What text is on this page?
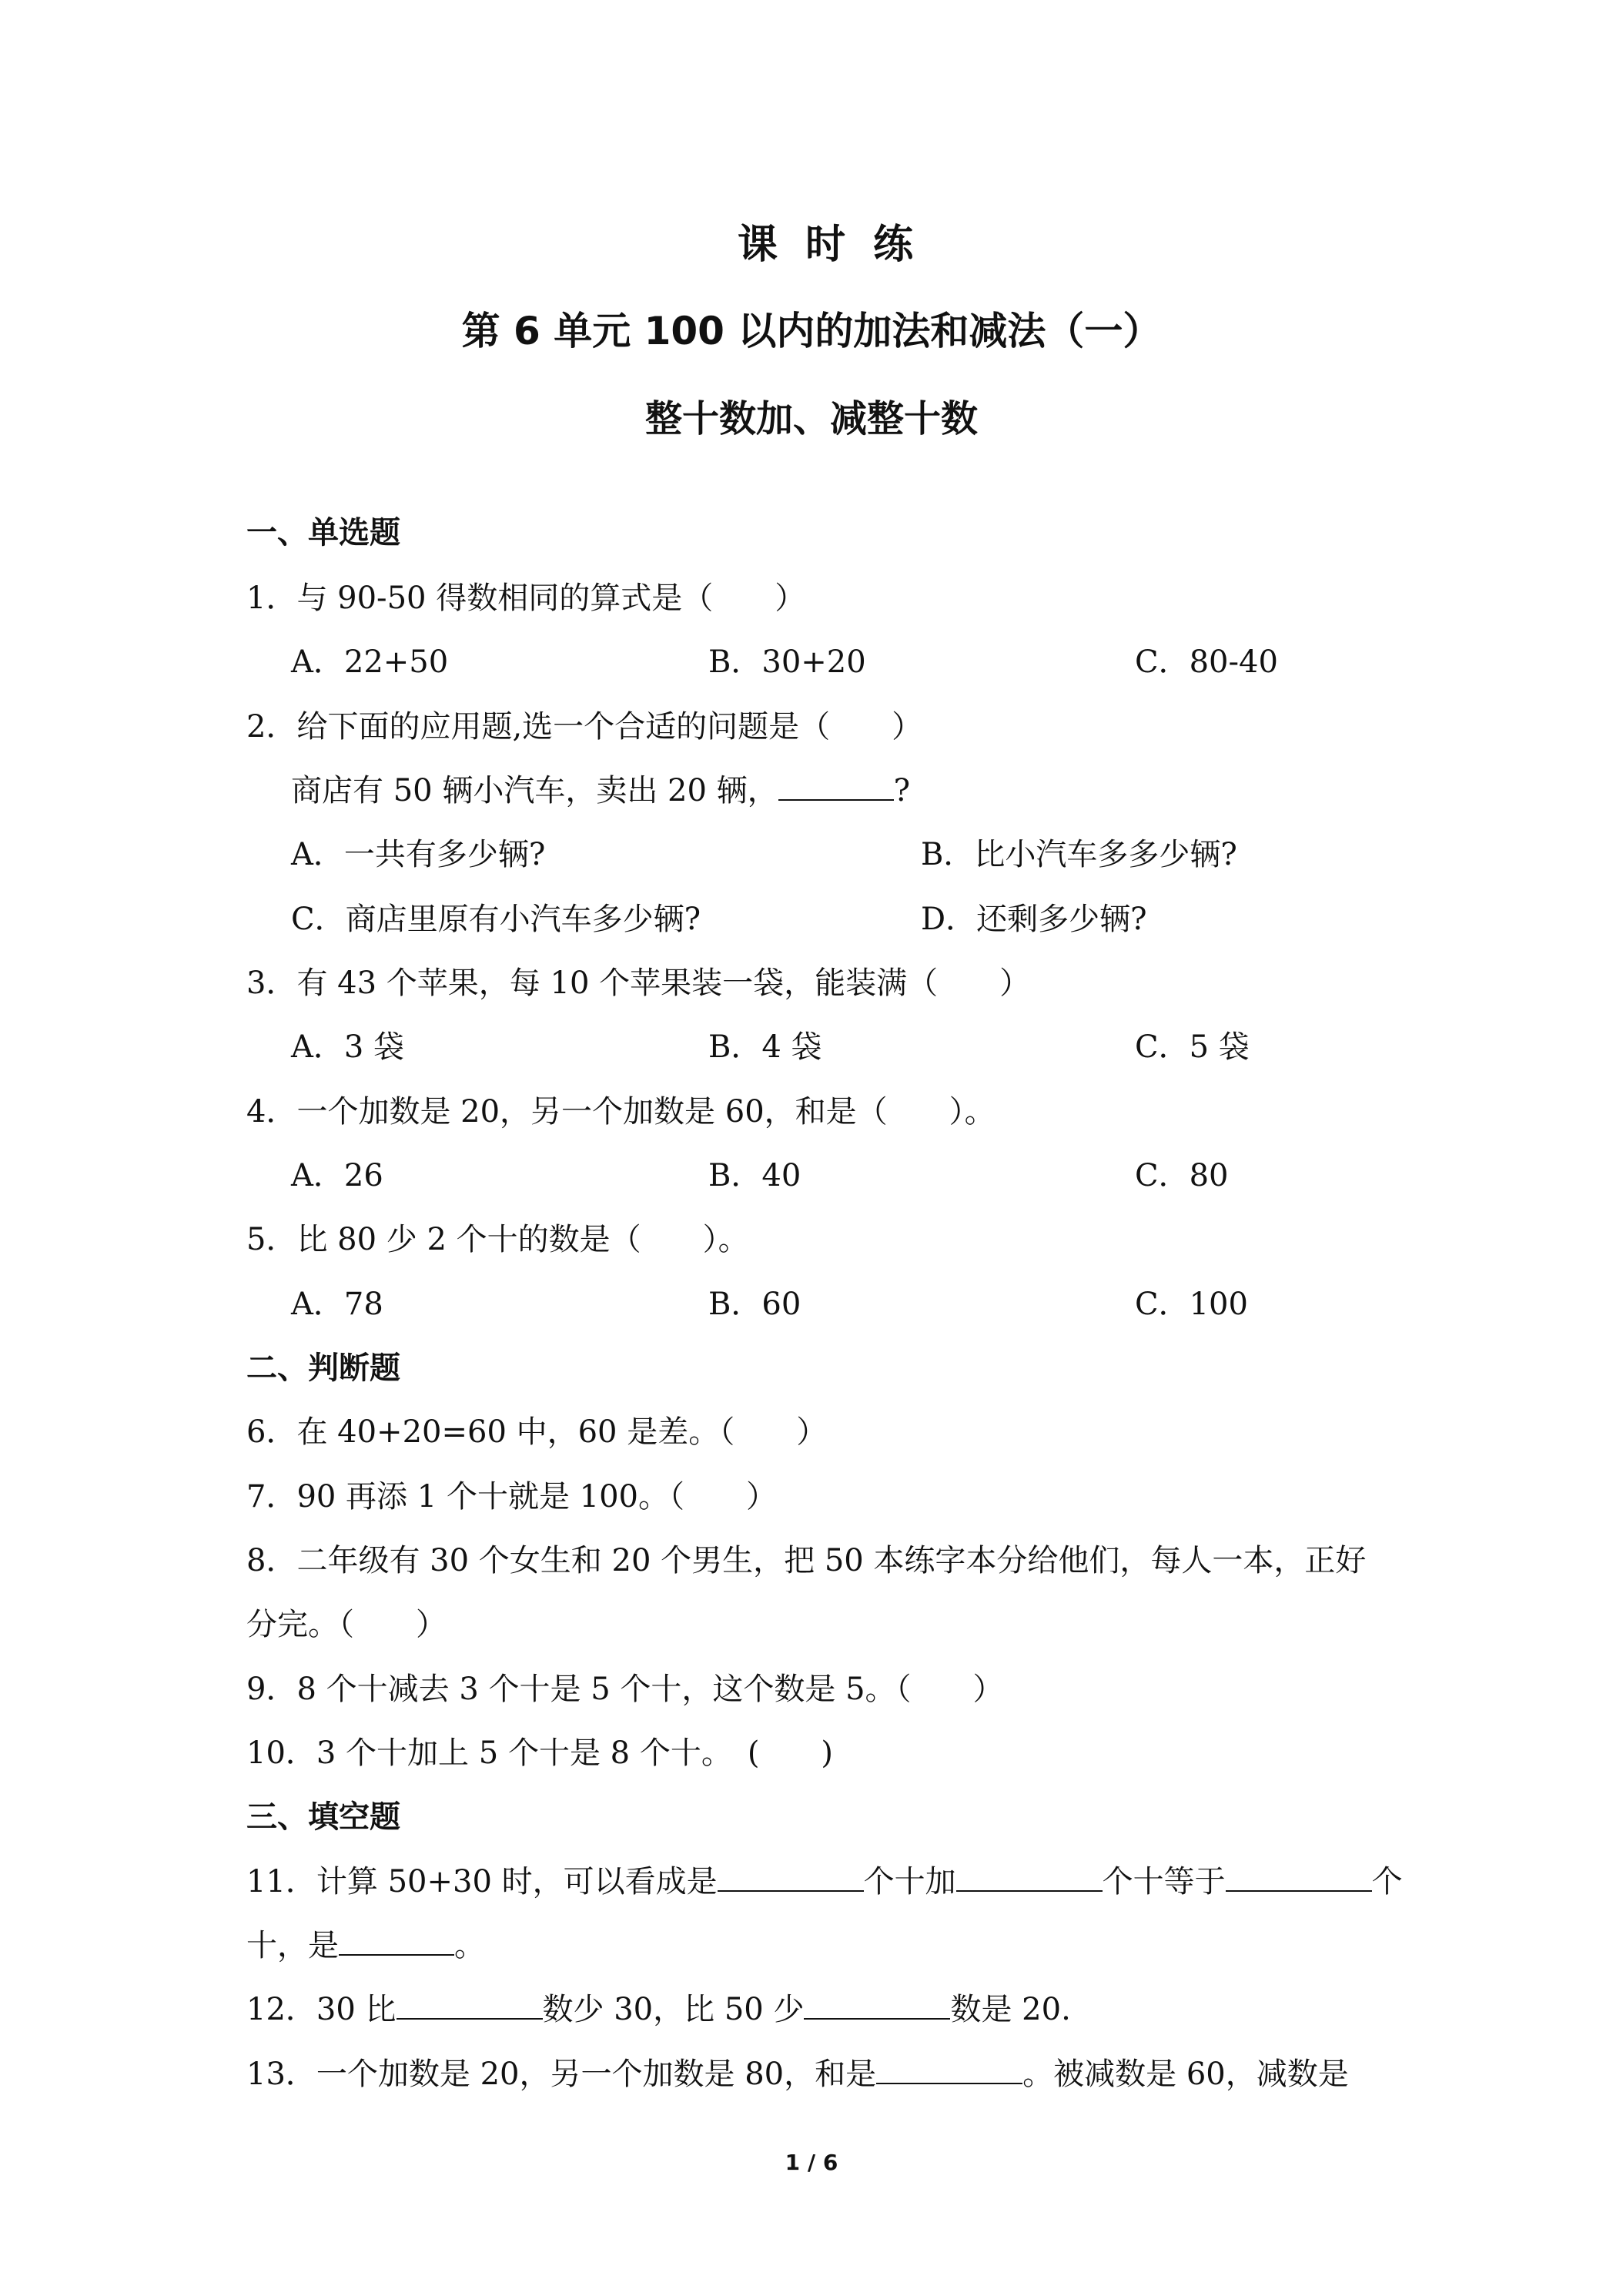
课时练
第 6 单元 100 以内的加法和减法（一）
整十数加、减整十数
一、单选题
1．与 90-50 得数相同的算式是（　　）
A．22+50	B．30+20	C．80-40
2．给下面的应用题,选一个合适的问题是（　　）
商店有 50 辆小汽车，卖出 20 辆，	?
A．一共有多少辆?	B．比小汽车多多少辆?
C．商店里原有小汽车多少辆?	D．还剩多少辆?
3．有 43 个苹果，每 10 个苹果装一袋，能装满（　　）
A．3 袋	B．4 袋	C．5 袋
4．一个加数是 20，另一个加数是 60，和是（　　）。
A．26	B．40	C．80
5．比 80 少 2 个十的数是（　　）。
A．78	B．60	C．100
二、判断题
6．在 40+20=60 中，60 是差。（　　）
7．90 再添 1 个十就是 100。（　　）
8．二年级有 30 个女生和 20 个男生，把 50 本练字本分给他们，每人一本，正好
分完。（　　）
9．8 个十减去 3 个十是 5 个十，这个数是 5。（　　）
10．3 个十加上 5 个十是 8 个十。　(　　)
三、填空题
11．计算 50+30 时，可以看成是	个十加	个十等于	个
十，是	。
12．30 比	数少 30，比 50 少	数是 20.
13．一个加数是 20，另一个加数是 80，和是	。被减数是 60，减数是
1 / 6
